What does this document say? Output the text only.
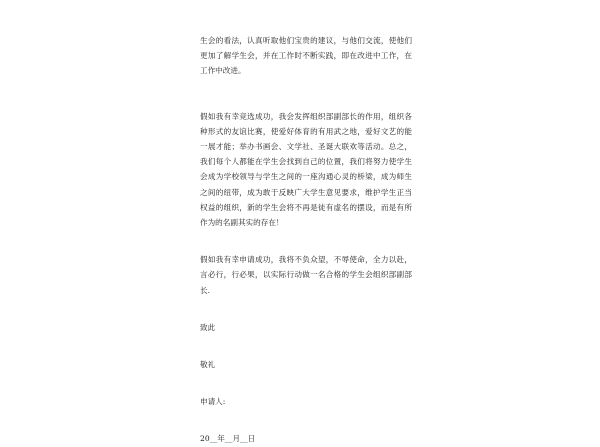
生会的看法，认真听取他们宝贵的建议，与他们交流，使他们更加了解学生会，并在工作时不断实践，即在改进中工作，在工作中改进。

假如我有幸竞选成功，我会发挥组织部副部长的作用，组织各种形式的友谊比赛，使爱好体育的有用武之地，爱好文艺的能一展才能；举办书画会、文学社、圣诞大联欢等活动。总之，我们每个人都能在学生会找到自己的位置，我们将努力使学生会成为学校领导与学生之间的一座沟通心灵的桥梁，成为师生之间的纽带，成为敢于反映广大学生意见要求，维护学生正当权益的组织，新的学生会将不再是徒有虚名的摆设，而是有所作为的名副其实的存在！

假如我有幸申请成功，我将不负众望，不辱使命，全力以赴，言必行，行必果，以实际行动做一名合格的学生会组织部副部长.

致此

敬礼

申请人:

20__年__月__日
